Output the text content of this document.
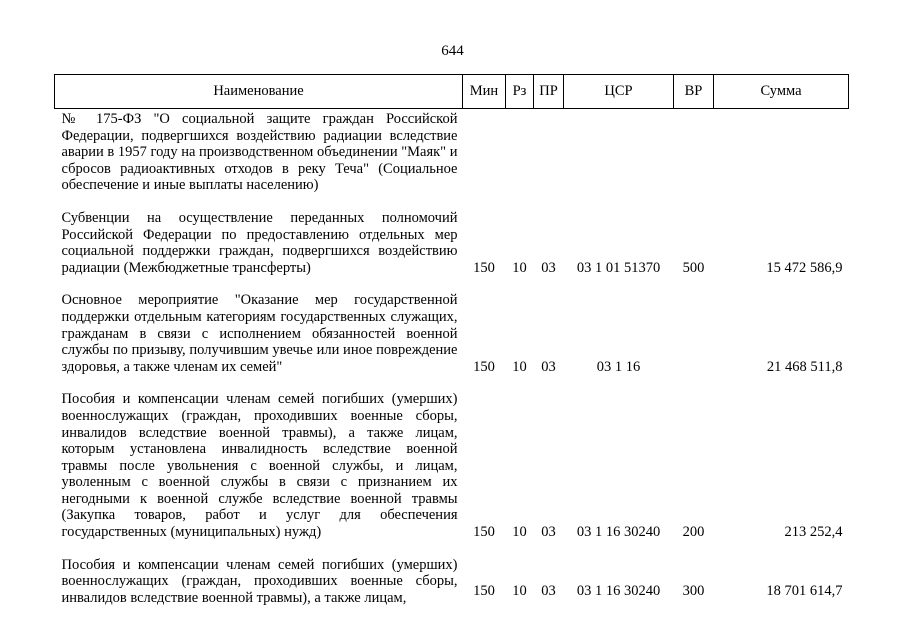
644
Наименование	Мин	Рз	ПР	ЦСР	ВР	Сумма
№ 175-ФЗ "О социальной защите граждан Российской Федерации, подвергшихся воздействию радиации вследствие аварии в 1957 году на производственном объединении "Маяк" и сбросов радиоактивных отходов в реку Теча" (Социальное обеспечение и иные выплаты населению)						

Субвенции на осуществление переданных полномочий Российской Федерации по предоставлению отдельных мер социальной поддержки граждан, подвергшихся воздействию радиации (Межбюджетные трансферты)	150	10	03	03 1 01 51370	500	15 472 586,9

Основное мероприятие "Оказание мер государственной поддержки отдельным категориям государственных служащих, гражданам в связи с исполнением обязанностей военной службы по призыву, получившим увечье или иное повреждение здоровья, а также членам их семей"	150	10	03	03 1 16		21 468 511,8

Пособия и компенсации членам семей погибших (умерших) военнослужащих (граждан, проходивших военные сборы, инвалидов вследствие военной травмы), а также лицам, которым установлена инвалидность вследствие военной травмы после увольнения с военной службы, и лицам, уволенным с военной службы в связи с признанием их негодными к военной службе вследствие военной травмы (Закупка товаров, работ и услуг для обеспечения государственных (муниципальных) нужд)	150	10	03	03 1 16 30240	200	213 252,4

Пособия и компенсации членам семей погибших (умерших) военнослужащих (граждан, проходивших военные сборы, инвалидов вследствие военной травмы), а также лицам,	150	10	03	03 1 16 30240	300	18 701 614,7
